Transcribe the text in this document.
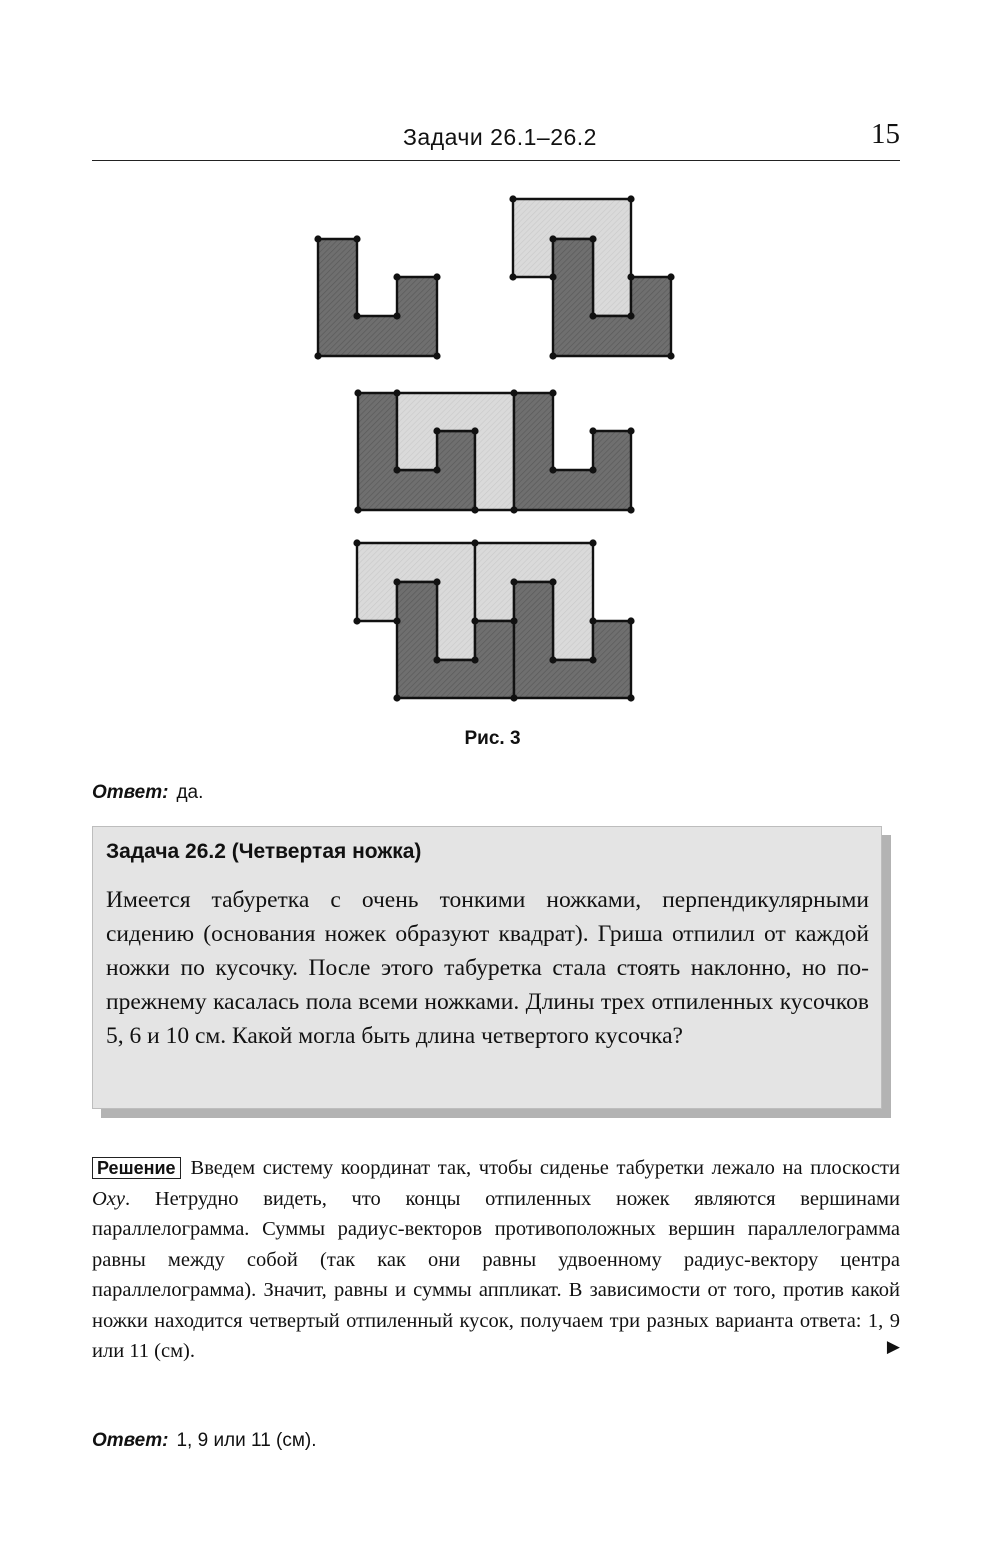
Задачи 26.1–26.2	15
Рис. 3
Ответ: да.
Задача 26.2 (Четвертая ножка)

Имеется табуретка с очень тонкими ножками, перпендикулярными сидению (основания ножек образуют квадрат). Гриша отпилил от каждой ножки по кусочку. После этого табуретка стала стоять наклонно, но по-прежнему касалась пола всеми ножками. Длины трех отпиленных кусочков 5, 6 и 10 см. Какой могла быть длина четвертого кусочка?

Решение Введем систему координат так, чтобы сиденье табуретки лежало на плоскости Oxy. Нетрудно видеть, что концы отпиленных ножек являются вершинами параллелограмма. Суммы радиус-векторов противоположных вершин параллелограмма равны между собой (так как они равны удвоенному радиус-вектору центра параллелограмма). Значит, равны и суммы аппликат. В зависимости от того, против какой ножки находится четвертый отпиленный кусок, получаем три разных варианта ответа: 1, 9 или 11 (см).	▶
Ответ: 1, 9 или 11 (см).
